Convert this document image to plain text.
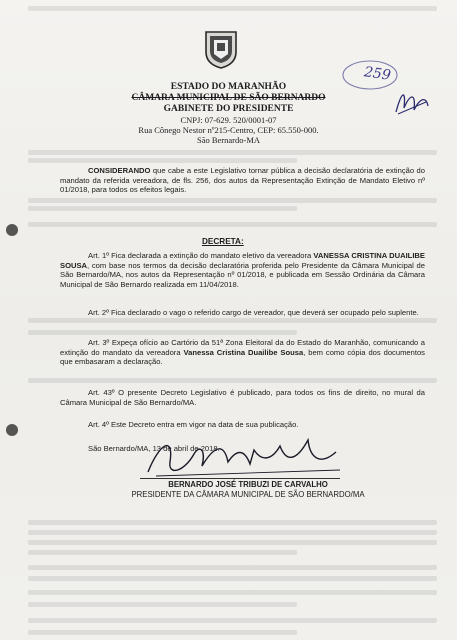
ESTADO DO MARANHÃO
CÂMARA MUNICIPAL DE SÃO BERNARDO
GABINETE DO PRESIDENTE
CNPJ: 07-629. 520/0001-07
Rua Cônego Nestor nº215-Centro, CEP: 65.550-000.
São Bernardo-MA
259
CONSIDERANDO que cabe a este Legislativo tornar pública a decisão declaratória de extinção do mandato da referida vereadora, de fls. 256, dos autos da Representação Extinção de Mandato Eletivo nº 01/2018, para todos os efeitos legais.
DECRETA:
Art. 1º Fica declarada a extinção do mandato eletivo da vereadora VANESSA CRISTINA DUAILIBE SOUSA, com base nos termos da decisão declaratória proferida pelo Presidente da Câmara Municipal de São Bernardo/MA, nos autos da Representação nº 01/2018, e publicada em Sessão Ordinária da Câmara Municipal de São Bernardo realizada em 11/04/2018.
Art. 2º Fica declarado o vago o referido cargo de vereador, que deverá ser ocupado pelo suplente.
Art. 3º Expeça ofício ao Cartório da 51ª Zona Eleitoral da do Estado do Maranhão, comunicando a extinção do mandato da vereadora Vanessa Cristina Duailibe Sousa, bem como cópia dos documentos que embasaram a declaração.
Art. 43º O presente Decreto Legislativo é publicado, para todos os fins de direito, no mural da Câmara Municipal de São Bernardo/MA.
Art. 4º Este Decreto entra em vigor na data de sua publicação.
São Bernardo/MA, 13 de abril de 2018.
BERNARDO JOSÉ TRIBUZI DE CARVALHO
PRESIDENTE DA CÂMARA MUNICIPAL DE SÃO BERNARDO/MA
